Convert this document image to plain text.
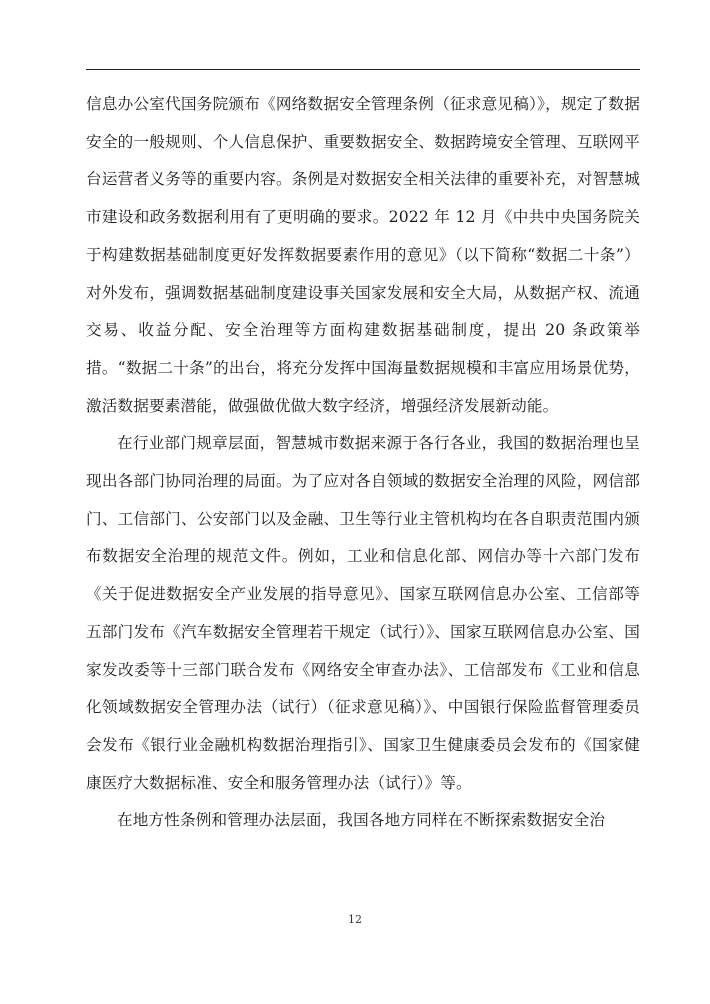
信息办公室代国务院颁布《网络数据安全管理条例（征求意见稿）》，规定了数据安全的一般规则、个人信息保护、重要数据安全、数据跨境安全管理、互联网平台运营者义务等的重要内容。条例是对数据安全相关法律的重要补充，对智慧城市建设和政务数据利用有了更明确的要求。2022 年 12 月《中共中央国务院关于构建数据基础制度更好发挥数据要素作用的意见》（以下简称“数据二十条”）对外发布，强调数据基础制度建设事关国家发展和安全大局，从数据产权、流通交易、收益分配、安全治理等方面构建数据基础制度，提出 20 条政策举措。“数据二十条”的出台，将充分发挥中国海量数据规模和丰富应用场景优势，激活数据要素潜能，做强做优做大数字经济，增强经济发展新动能。

在行业部门规章层面，智慧城市数据来源于各行各业，我国的数据治理也呈现出各部门协同治理的局面。为了应对各自领域的数据安全治理的风险，网信部门、工信部门、公安部门以及金融、卫生等行业主管机构均在各自职责范围内颁布数据安全治理的规范文件。例如，工业和信息化部、网信办等十六部门发布《关于促进数据安全产业发展的指导意见》、国家互联网信息办公室、工信部等五部门发布《汽车数据安全管理若干规定（试行）》、国家互联网信息办公室、国家发改委等十三部门联合发布《网络安全审查办法》、工信部发布《工业和信息化领域数据安全管理办法（试行）（征求意见稿）》、中国银行保险监督管理委员会发布《银行业金融机构数据治理指引》、国家卫生健康委员会发布的《国家健康医疗大数据标准、安全和服务管理办法（试行）》等。

在地方性条例和管理办法层面，我国各地方同样在不断探索数据安全治

12
